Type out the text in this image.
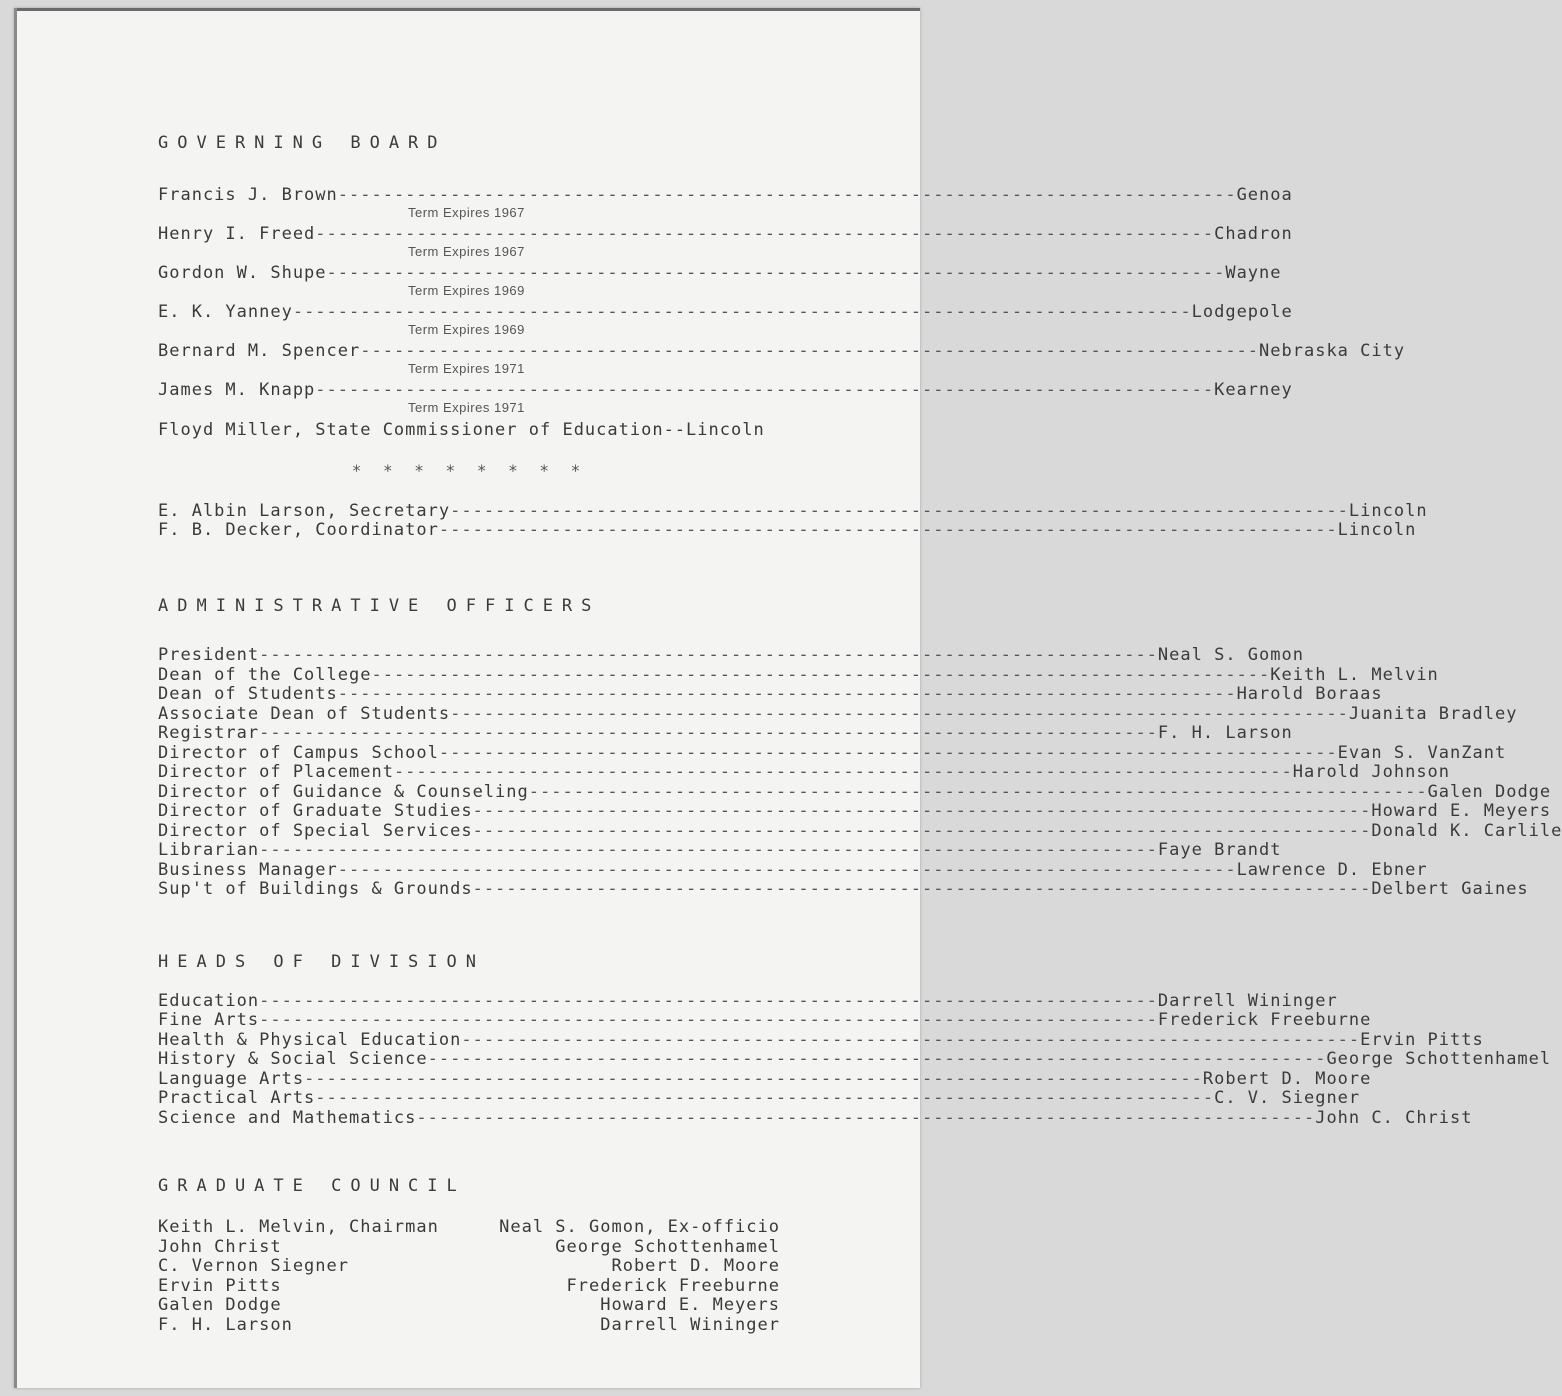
GOVERNING BOARD
Francis J. Brown -------------------------------------------------------------------------------- Genoa
Term Expires 1967
Henry I. Freed -------------------------------------------------------------------------------- Chadron
Term Expires 1967
Gordon W. Shupe -------------------------------------------------------------------------------- Wayne
Term Expires 1969
E. K. Yanney -------------------------------------------------------------------------------- Lodgepole
Term Expires 1969
Bernard M. Spencer -------------------------------------------------------------------------------- Nebraska City
Term Expires 1971
James M. Knapp -------------------------------------------------------------------------------- Kearney
Term Expires 1971
Floyd Miller, State Commissioner of Education--Lincoln
* * * * * * * *
E. Albin Larson, Secretary -------------------------------------------------------------------------------- Lincoln
F. B. Decker, Coordinator -------------------------------------------------------------------------------- Lincoln
ADMINISTRATIVE OFFICERS
President -------------------------------------------------------------------------------- Neal S. Gomon
Dean of the College -------------------------------------------------------------------------------- Keith L. Melvin
Dean of Students -------------------------------------------------------------------------------- Harold Boraas
Associate Dean of Students -------------------------------------------------------------------------------- Juanita Bradley
Registrar -------------------------------------------------------------------------------- F. H. Larson
Director of Campus School -------------------------------------------------------------------------------- Evan S. VanZant
Director of Placement -------------------------------------------------------------------------------- Harold Johnson
Director of Guidance & Counseling -------------------------------------------------------------------------------- Galen Dodge
Director of Graduate Studies -------------------------------------------------------------------------------- Howard E. Meyers
Director of Special Services -------------------------------------------------------------------------------- Donald K. Carlile
Librarian -------------------------------------------------------------------------------- Faye Brandt
Business Manager -------------------------------------------------------------------------------- Lawrence D. Ebner
Sup't of Buildings & Grounds -------------------------------------------------------------------------------- Delbert Gaines
HEADS OF DIVISION
Education -------------------------------------------------------------------------------- Darrell Wininger
Fine Arts -------------------------------------------------------------------------------- Frederick Freeburne
Health & Physical Education -------------------------------------------------------------------------------- Ervin Pitts
History & Social Science -------------------------------------------------------------------------------- George Schottenhamel
Language Arts -------------------------------------------------------------------------------- Robert D. Moore
Practical Arts -------------------------------------------------------------------------------- C. V. Siegner
Science and Mathematics -------------------------------------------------------------------------------- John C. Christ
GRADUATE COUNCIL
Keith L. Melvin, Chairman
John Christ
C. Vernon Siegner
Ervin Pitts
Galen Dodge
F. H. Larson
Neal S. Gomon, Ex-officio
George Schottenhamel
Robert D. Moore
Frederick Freeburne
Howard E. Meyers
Darrell Wininger
